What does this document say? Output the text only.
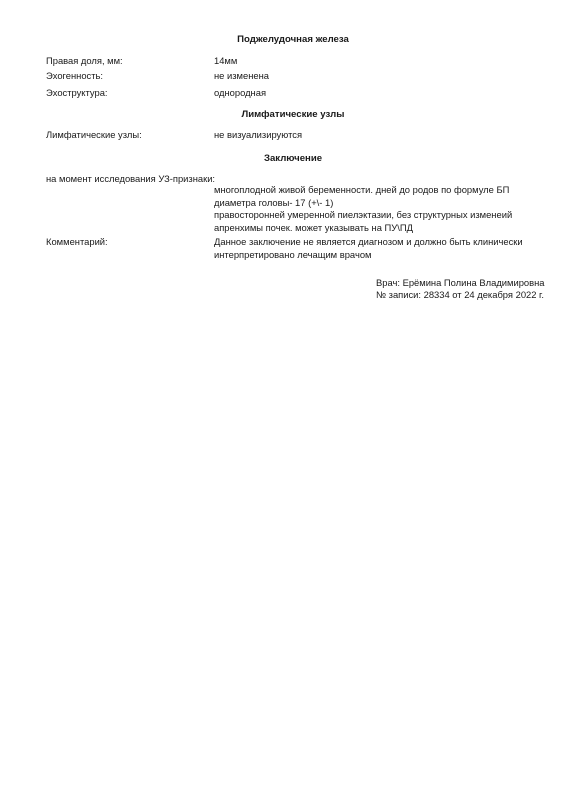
Поджелудочная железа
Правая доля, мм:	14мм
Эхогенность:	не изменена
Эхоструктура:	однородная
Лимфатические узлы
Лимфатические узлы:	не визуализируются
Заключение
на момент исследования УЗ-признаки:
многоплодной живой беременности. дней до родов по формуле БП
диаметра головы- 17 (+\- 1)
правосторонней умеренной пиелэктазии, без структурных изменеий
апренхимы почек. может указывать на ПУ\ПД
Комментарий:	Данное заключение не является диагнозом и должно быть клинически
интерпретировано лечащим врачом
Врач: Ерёмина Полина Владимировна
№ записи: 28334 от 24 декабря 2022 г.
